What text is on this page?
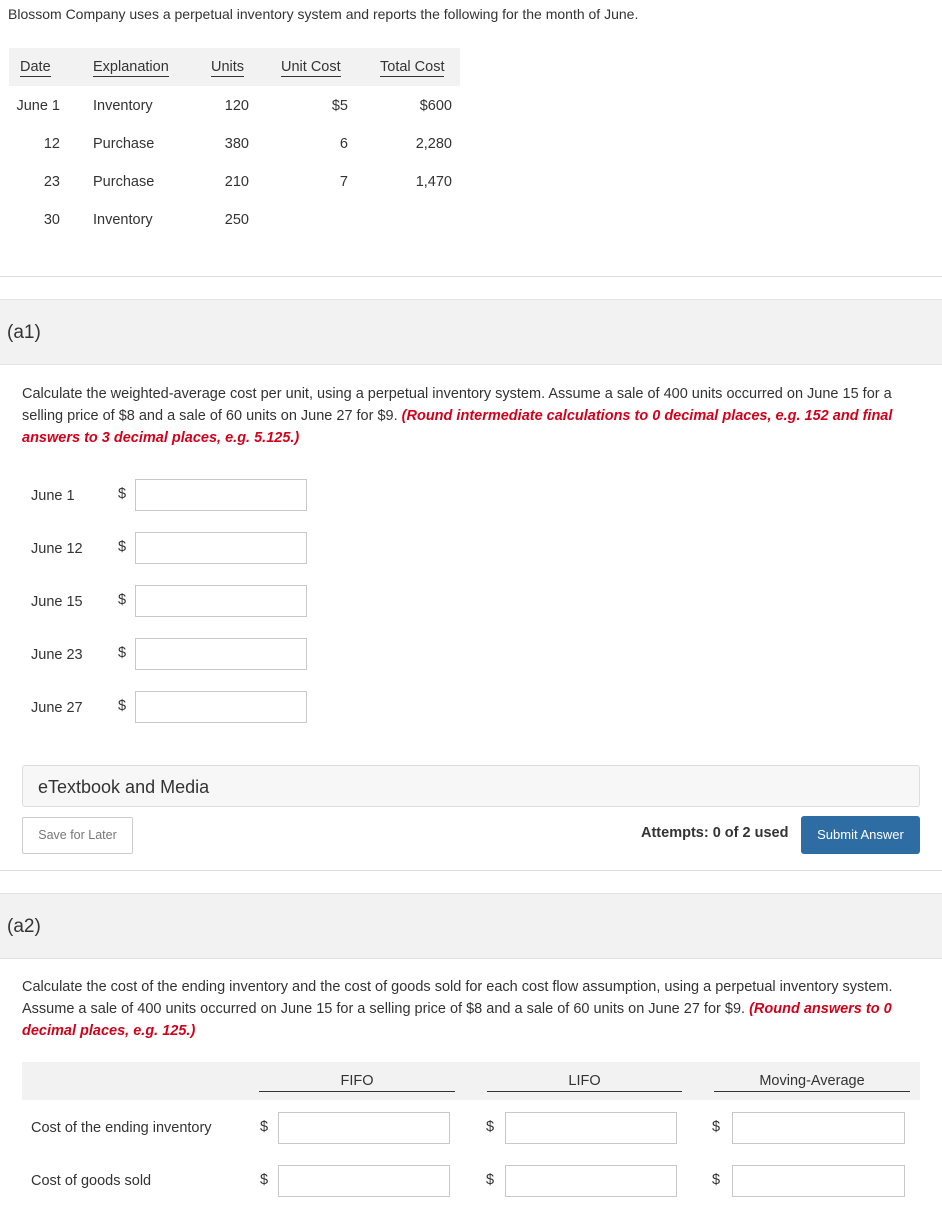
Blossom Company uses a perpetual inventory system and reports the following for the month of June.
Date	Explanation	Units	Unit Cost	Total Cost
June 1 Inventory	120	$5	$600
12 Purchase	380	6	2,280
23 Purchase	210	7	1,470
30 Inventory	250
(a1)
Calculate the weighted-average cost per unit, using a perpetual inventory system. Assume a sale of 400 units occurred on June 15 for a selling price of $8 and a sale of 60 units on June 27 for $9. (Round intermediate calculations to 0 decimal places, e.g. 152 and final answers to 3 decimal places, e.g. 5.125.)
June 1	$
June 12 $
June 15 $
June 23 $
June 27 $
eTextbook and Media
Save for Later	Attempts: 0 of 2 used	Submit Answer
(a2)
Calculate the cost of the ending inventory and the cost of goods sold for each cost flow assumption, using a perpetual inventory system. Assume a sale of 400 units occurred on June 15 for a selling price of $8 and a sale of 60 units on June 27 for $9. (Round answers to 0 decimal places, e.g. 125.)
FIFO	LIFO	Moving-Average
Cost of the ending inventory	$	$	$
Cost of goods sold	$	$	$
